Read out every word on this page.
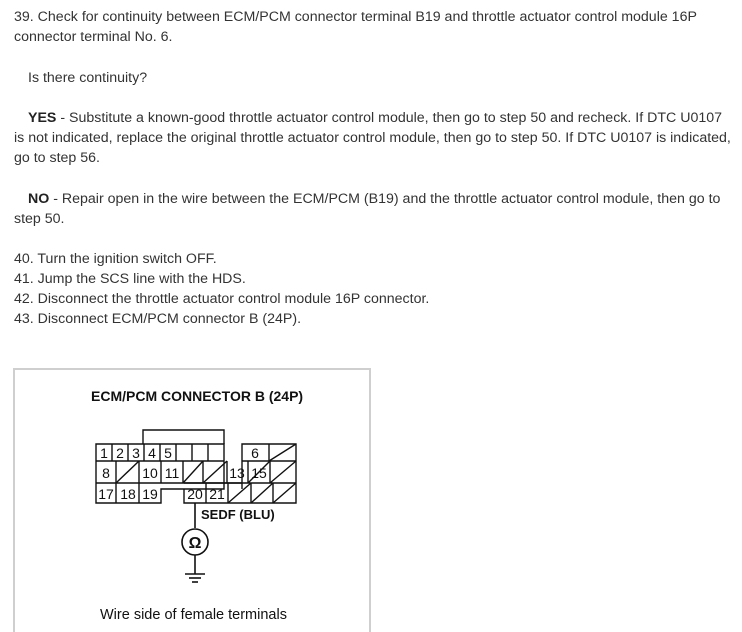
39. Check for continuity between ECM/PCM connector terminal B19 and throttle actuator control module 16P connector terminal No. 6.

Is there continuity?

YES - Substitute a known-good throttle actuator control module, then go to step 50 and recheck. If DTC U0107 is not indicated, replace the original throttle actuator control module, then go to step 50. If DTC U0107 is indicated, go to step 56.

NO - Repair open in the wire between the ECM/PCM (B19) and the throttle actuator control module, then go to step 50.

40. Turn the ignition switch OFF.
41. Jump the SCS line with the HDS.
42. Disconnect the throttle actuator control module 16P connector.
43. Disconnect ECM/PCM connector B (24P).
ECM/PCM CONNECTOR B (24P)
1 2 3 4 5	6
8 10 11	13 15
17 18 19 20 21
Ω
SEDF (BLU)
Wire side of female terminals
